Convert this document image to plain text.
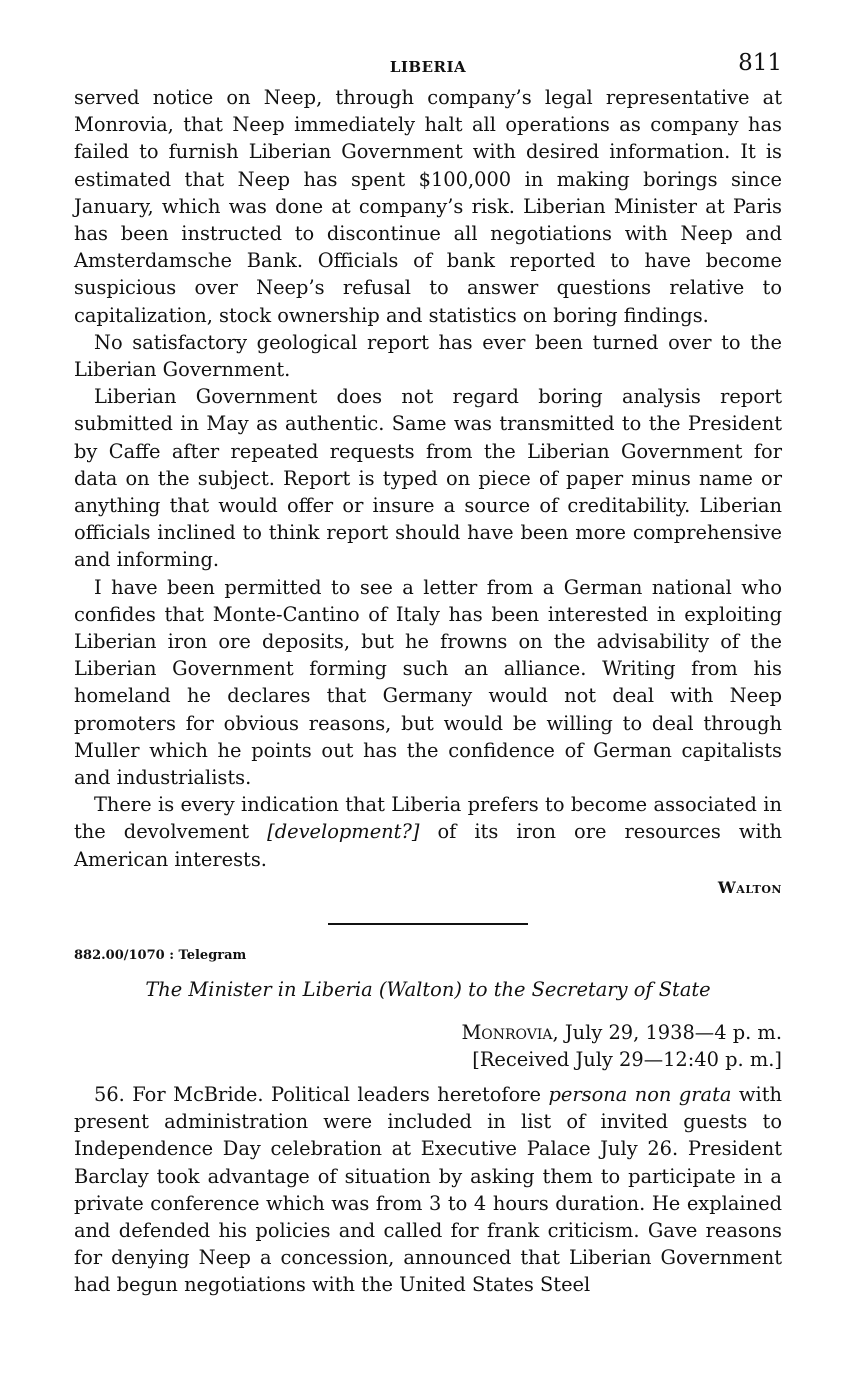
LIBERIA	811

served notice on Neep, through company’s legal representative at Monrovia, that Neep immediately halt all operations as company has failed to furnish Liberian Government with desired information. It is estimated that Neep has spent $100,000 in making borings since January, which was done at company’s risk. Liberian Minister at Paris has been instructed to discontinue all negotiations with Neep and Amsterdamsche Bank. Officials of bank reported to have become suspicious over Neep’s refusal to answer questions relative to capitalization, stock ownership and statistics on boring findings.

No satisfactory geological report has ever been turned over to the Liberian Government.

Liberian Government does not regard boring analysis report submitted in May as authentic. Same was transmitted to the President by Caffe after repeated requests from the Liberian Government for data on the subject. Report is typed on piece of paper minus name or anything that would offer or insure a source of creditability. Liberian officials inclined to think report should have been more comprehensive and informing.

I have been permitted to see a letter from a German national who confides that Monte-Cantino of Italy has been interested in exploiting Liberian iron ore deposits, but he frowns on the advisability of the Liberian Government forming such an alliance. Writing from his homeland he declares that Germany would not deal with Neep promoters for obvious reasons, but would be willing to deal through Muller which he points out has the confidence of German capitalists and industrialists.

There is every indication that Liberia prefers to become associated in the devolvement [development?] of its iron ore resources with American interests.

Walton
882.00/1070 : Telegram
The Minister in Liberia (Walton) to the Secretary of State
Monrovia, July 29, 1938—4 p. m.
[Received July 29—12:40 p. m.]

56. For McBride. Political leaders heretofore persona non grata with present administration were included in list of invited guests to Independence Day celebration at Executive Palace July 26. President Barclay took advantage of situation by asking them to participate in a private conference which was from 3 to 4 hours duration. He explained and defended his policies and called for frank criticism. Gave reasons for denying Neep a concession, announced that Liberian Government had begun negotiations with the United States Steel
